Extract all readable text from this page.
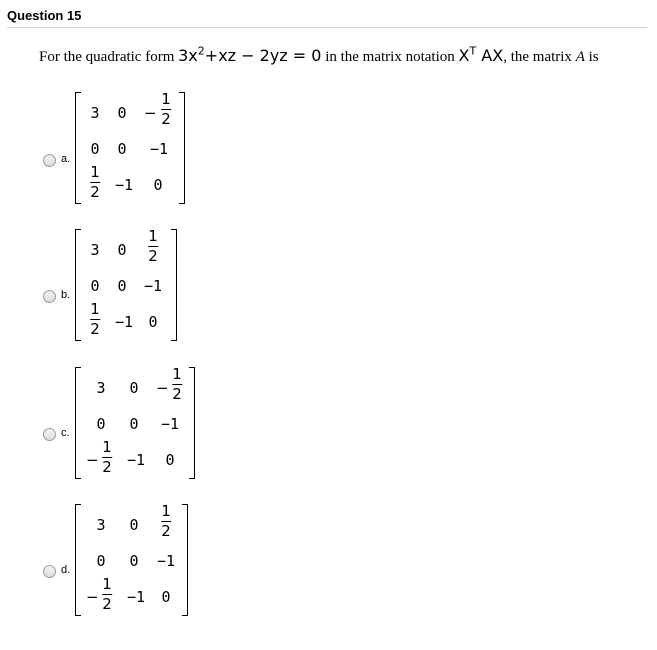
Question 15
For the quadratic form $3x^2+xz - 2yz = 0$ in the matrix notation $X^T$ AX, the matrix A is
a.
3 0 −
1
2
0 0 −1
1
2 −1 0
b.
3 0
1
2
0 0 −1
1
2 −1 0
c.
3 0 −
1
2
0 0 −1
−
1
2 −1 0
d.
3 0
1
2
0 0 −1
−
1
2 −1 0
